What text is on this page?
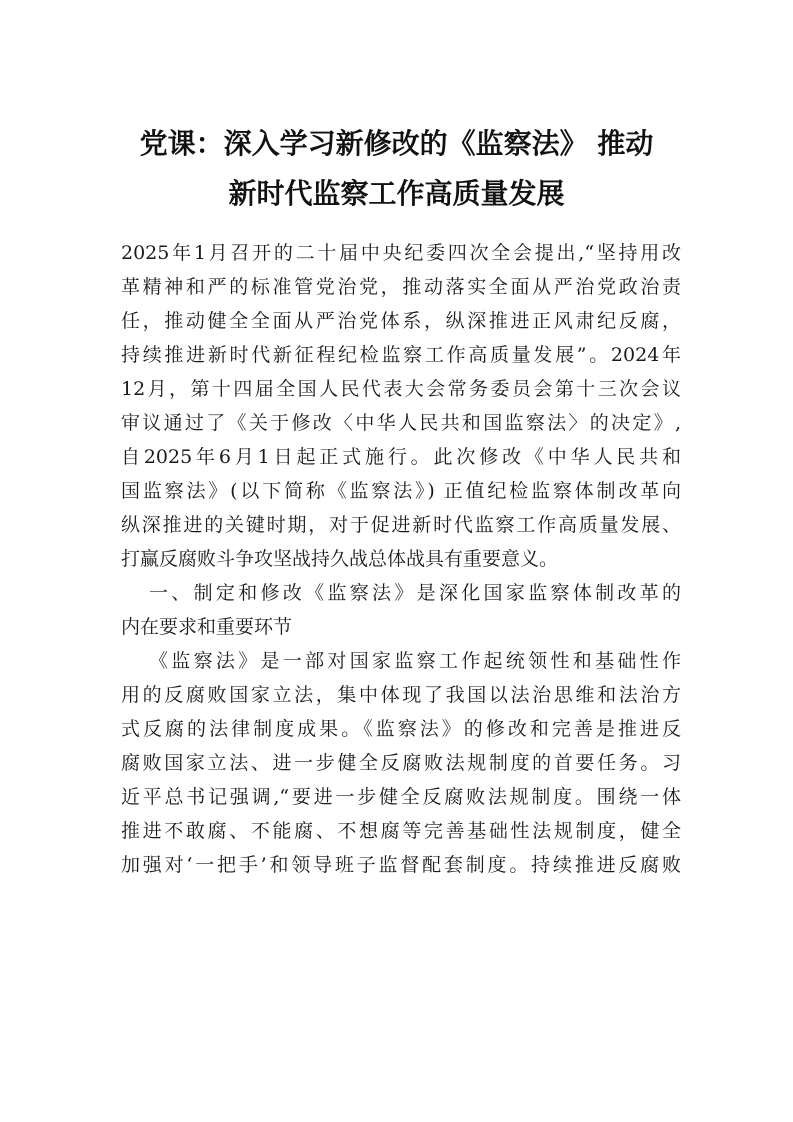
党课：深入学习新修改的《监察法》 推动
新时代监察工作高质量发展
2025年1月召开的二十届中央纪委四次全会提出,“坚持用改
革精神和严的标准管党治党，推动落实全面从严治党政治责
任，推动健全全面从严治党体系，纵深推进正风肃纪反腐，
持续推进新时代新征程纪检监察工作高质量发展”。2024年
12月，第十四届全国人民代表大会常务委员会第十三次会议
审议通过了《关于修改〈中华人民共和国监察法〉的决定》,
自2025年6月1日起正式施行。此次修改《中华人民共和
国监察法》(以下简称《监察法》) 正值纪检监察体制改革向
纵深推进的关键时期，对于促进新时代监察工作高质量发展、
打赢反腐败斗争攻坚战持久战总体战具有重要意义。
一、制定和修改《监察法》是深化国家监察体制改革的
内在要求和重要环节
《监察法》是一部对国家监察工作起统领性和基础性作
用的反腐败国家立法，集中体现了我国以法治思维和法治方
式反腐的法律制度成果。《监察法》的修改和完善是推进反
腐败国家立法、进一步健全反腐败法规制度的首要任务。习
近平总书记强调,“要进一步健全反腐败法规制度。围绕一体
推进不敢腐、不能腐、不想腐等完善基础性法规制度，健全
加强对‘一把手’和领导班子监督配套制度。持续推进反腐败
